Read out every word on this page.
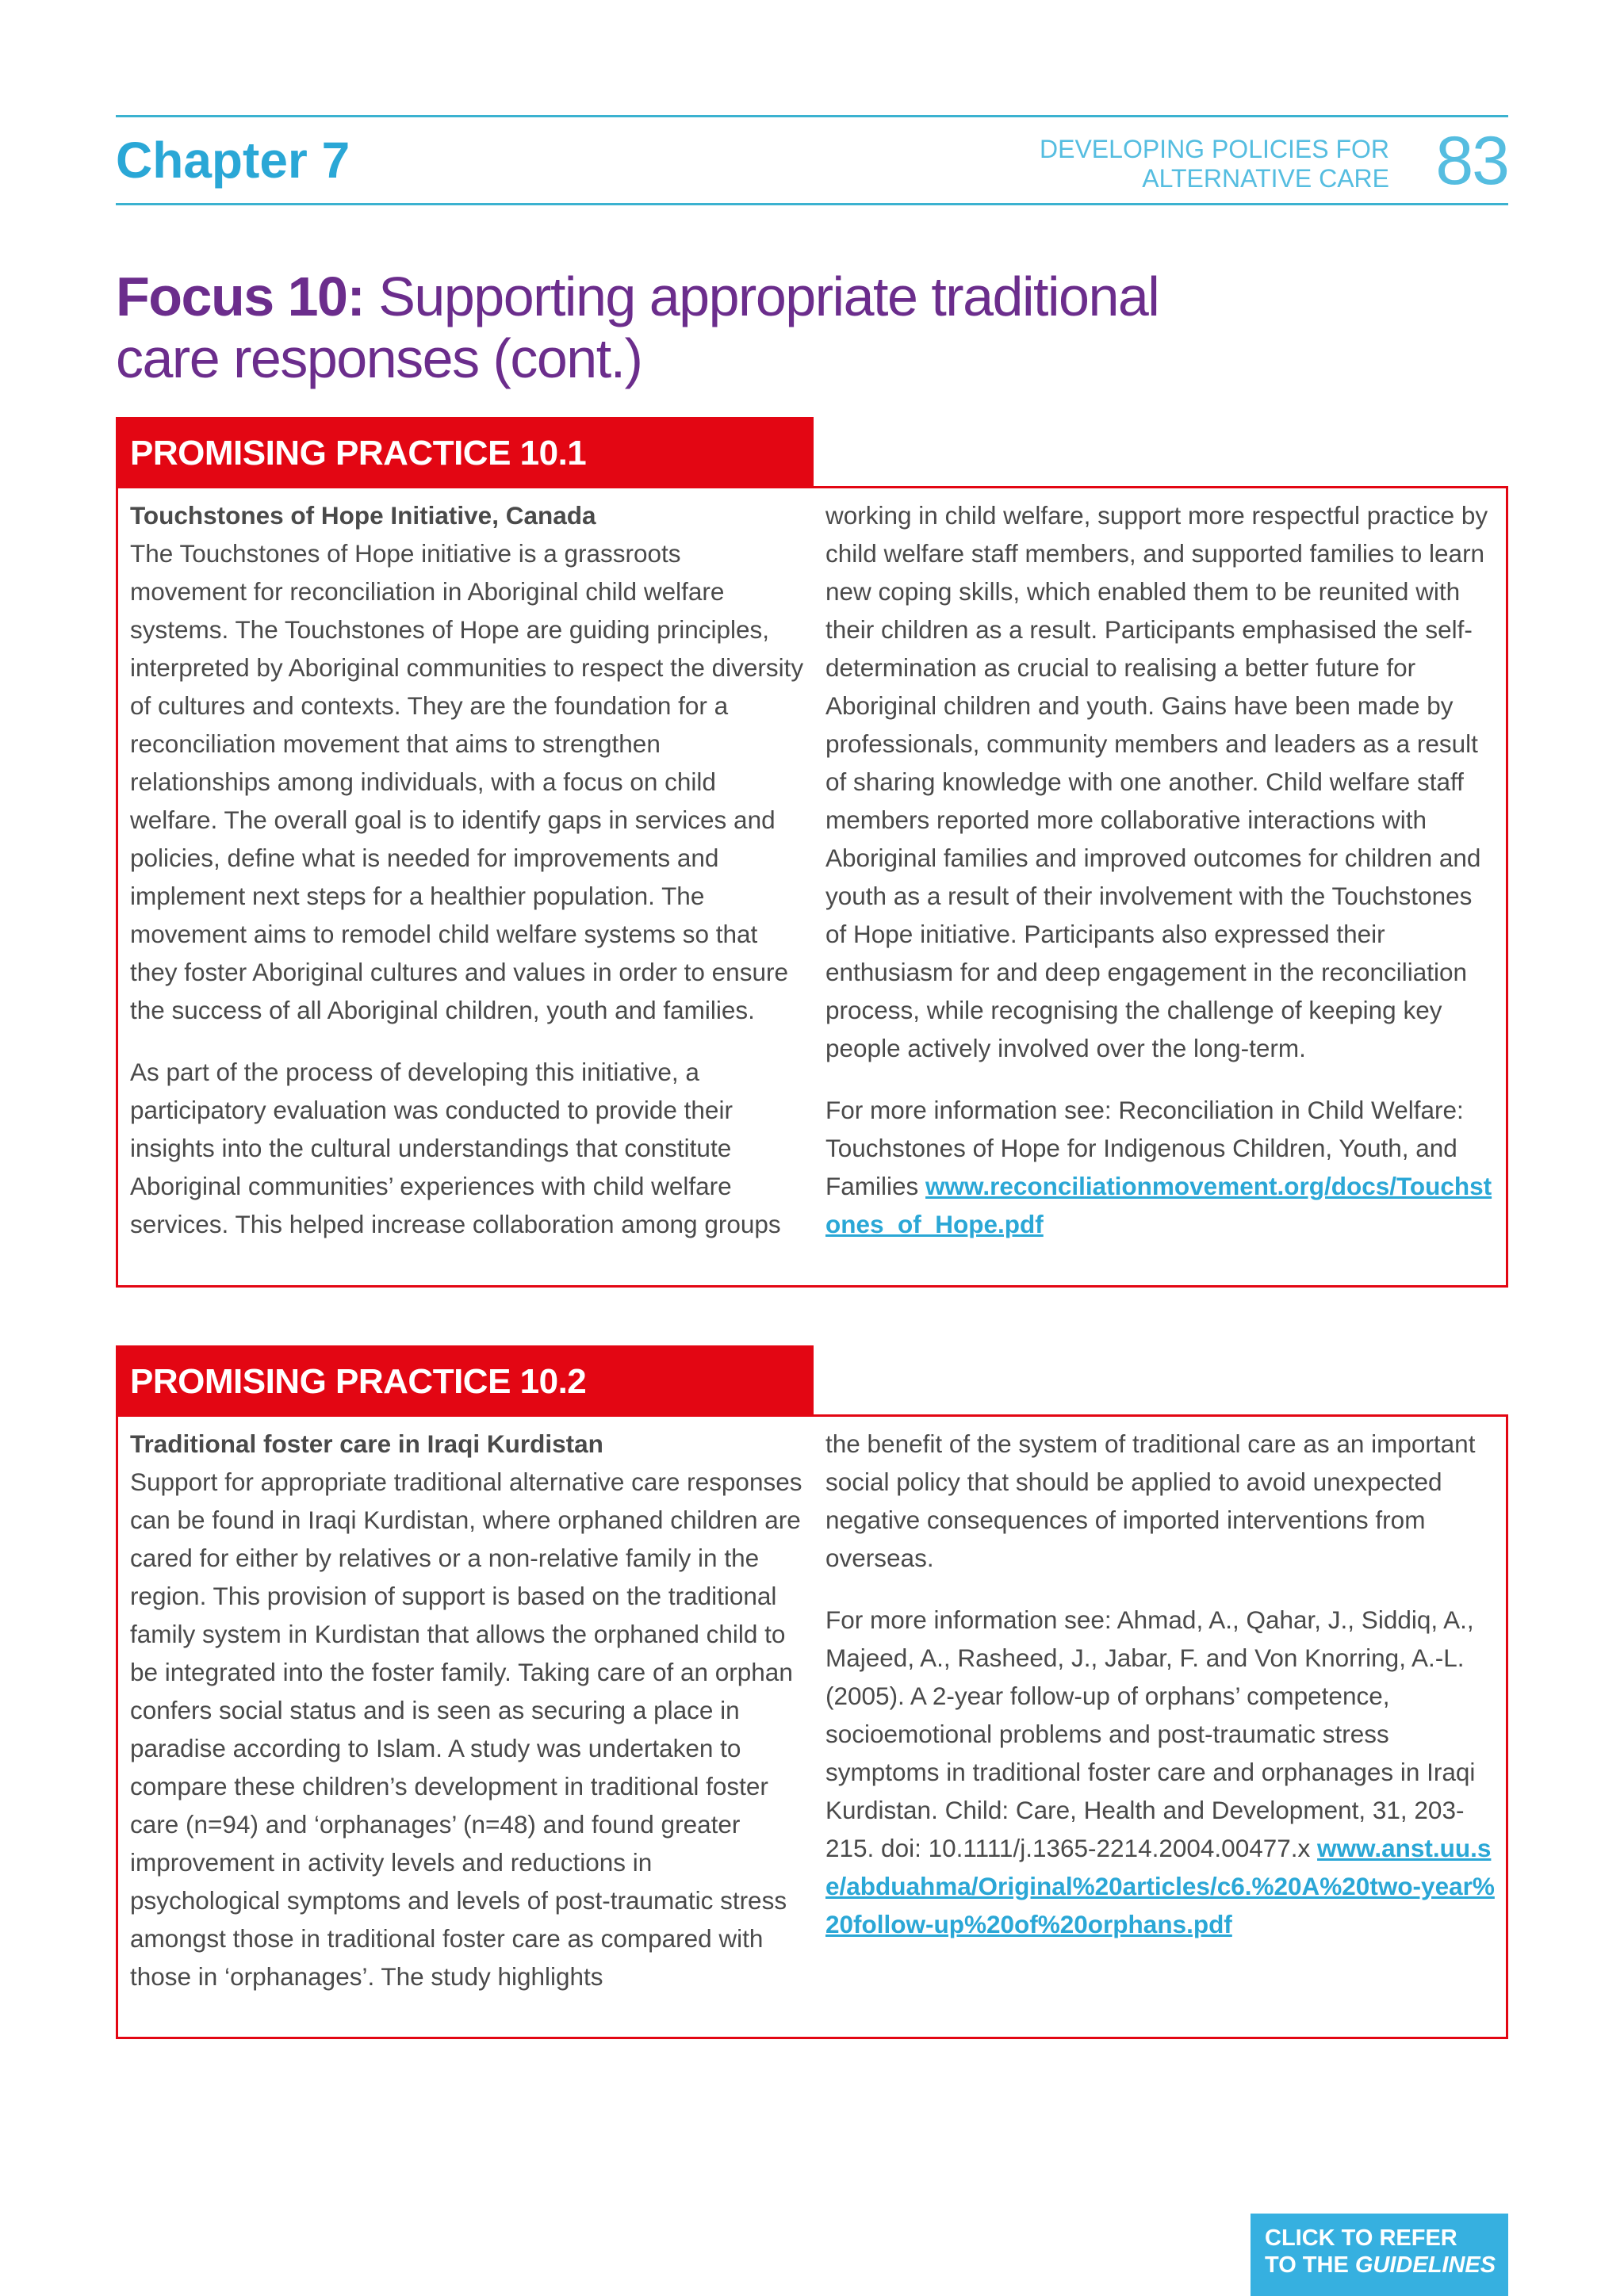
Chapter 7	DEVELOPING POLICIES FOR
ALTERNATIVE CARE 83
Focus 10: Supporting appropriate traditional
care responses (cont.)
PROMISING PRACTICE 10.1
Touchstones of Hope Initiative, Canada

The Touchstones of Hope initiative is a grassroots movement for reconciliation in Aboriginal child welfare systems. The Touchstones of Hope are guiding principles, interpreted by Aboriginal communities to respect the diversity of cultures and contexts. They are the foundation for a reconciliation movement that aims to strengthen relationships among individuals, with a focus on child welfare. The overall goal is to identify gaps in services and policies, define what is needed for improvements and implement next steps for a healthier population. The movement aims to remodel child welfare systems so that they foster Aboriginal cultures and values in order to ensure the success of all Aboriginal children, youth and families.

As part of the process of developing this initiative, a participatory evaluation was conducted to provide their insights into the cultural understandings that constitute Aboriginal communities’ experiences with child welfare services. This helped increase collaboration among groups

working in child welfare, support more respectful practice by child welfare staff members, and supported families to learn new coping skills, which enabled them to be reunited with their children as a result. Participants emphasised the self-determination as crucial to realising a better future for Aboriginal children and youth. Gains have been made by professionals, community members and leaders as a result of sharing knowledge with one another. Child welfare staff members reported more collaborative interactions with Aboriginal families and improved outcomes for children and youth as a result of their involvement with the Touchstones of Hope initiative. Participants also expressed their enthusiasm for and deep engagement in the reconciliation process, while recognising the challenge of keeping key people actively involved over the long-term.

For more information see: Reconciliation in Child Welfare: Touchstones of Hope for Indigenous Children, Youth, and Families www.reconciliationmovement.org/docs/Touchstones_of_Hope.pdf

PROMISING PRACTICE 10.2
Traditional foster care in Iraqi Kurdistan

Support for appropriate traditional alternative care responses can be found in Iraqi Kurdistan, where orphaned children are cared for either by relatives or a non-relative family in the region. This provision of support is based on the traditional family system in Kurdistan that allows the orphaned child to be integrated into the foster family. Taking care of an orphan confers social status and is seen as securing a place in paradise according to Islam. A study was undertaken to compare these children’s development in traditional foster care (n=94) and ‘orphanages’ (n=48) and found greater improvement in activity levels and reductions in psychological symptoms and levels of post-traumatic stress amongst those in traditional foster care as compared with those in ‘orphanages’. The study highlights

the benefit of the system of traditional care as an important social policy that should be applied to avoid unexpected negative consequences of imported interventions from overseas.

For more information see: Ahmad, A., Qahar, J., Siddiq, A., Majeed, A., Rasheed, J., Jabar, F. and Von Knorring, A.-L. (2005). A 2-year follow-up of orphans’ competence, socioemotional problems and post-traumatic stress symptoms in traditional foster care and orphanages in Iraqi Kurdistan. Child: Care, Health and Development, 31, 203-215. doi: 10.1111/j.1365-2214.2004.00477.x www.anst.uu.se/abduahma/Original%20articles/c6.%20A%20two-year%20follow-up%20of%20orphans.pdf

CLICK TO REFER
TO THE GUIDELINES
